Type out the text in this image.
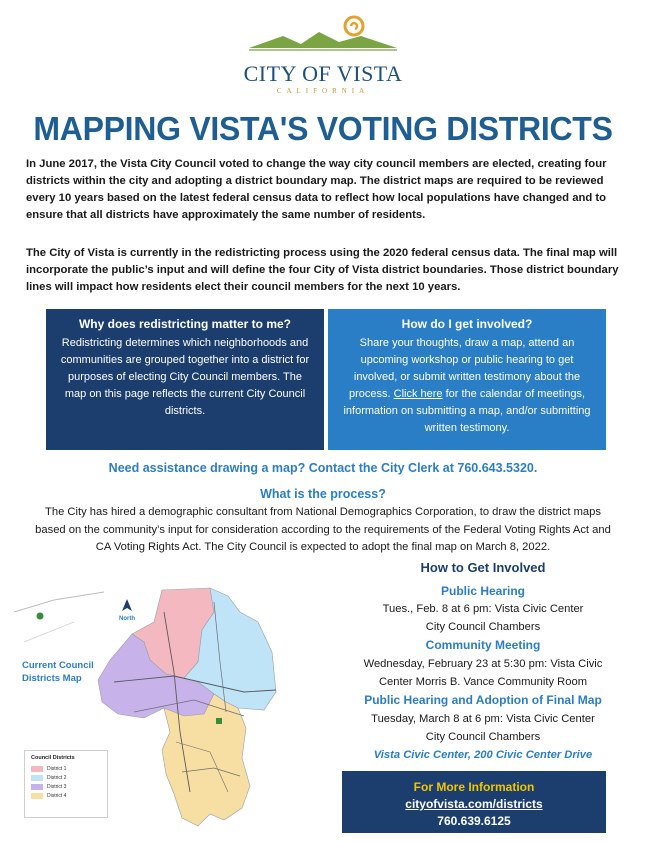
CITY OF VISTA
CALIFORNIA
MAPPING VISTA'S VOTING DISTRICTS
In June 2017, the Vista City Council voted to change the way city council members are elected, creating four districts within the city and adopting a district boundary map. The district maps are required to be reviewed every 10 years based on the latest federal census data to reflect how local populations have changed and to ensure that all districts have approximately the same number of residents.
The City of Vista is currently in the redistricting process using the 2020 federal census data. The final map will incorporate the public’s input and will define the four City of Vista district boundaries. Those district boundary lines will impact how residents elect their council members for the next 10 years.
Why does redistricting matter to me?

Redistricting determines which neighborhoods and communities are grouped together into a district for purposes of electing City Council members. The map on this page reflects the current City Council districts.

How do I get involved?

Share your thoughts, draw a map, attend an upcoming workshop or public hearing to get involved, or submit written testimony about the process. Click here for the calendar of meetings, information on submitting a map, and/or submitting written testimony.

Need assistance drawing a map? Contact the City Clerk at 760.643.5320.
What is the process?
The City has hired a demographic consultant from National Demographics Corporation, to draw the district maps based on the community’s input for consideration according to the requirements of the Federal Voting Rights Act and CA Voting Rights Act. The City Council is expected to adopt the final map on March 8, 2022.
North
Current Council
Districts Map
Council Districts
District 1
District 2
District 3
District 4
How to Get Involved
Public Hearing
Tues., Feb. 8 at 6 pm: Vista Civic Center
City Council Chambers
Community Meeting
Wednesday, February 23 at 5:30 pm: Vista Civic
Center Morris B. Vance Community Room
Public Hearing and Adoption of Final Map
Tuesday, March 8 at 6 pm: Vista Civic Center
City Council Chambers
Vista Civic Center, 200 Civic Center Drive
For More Information
cityofvista.com/districts
760.639.6125
